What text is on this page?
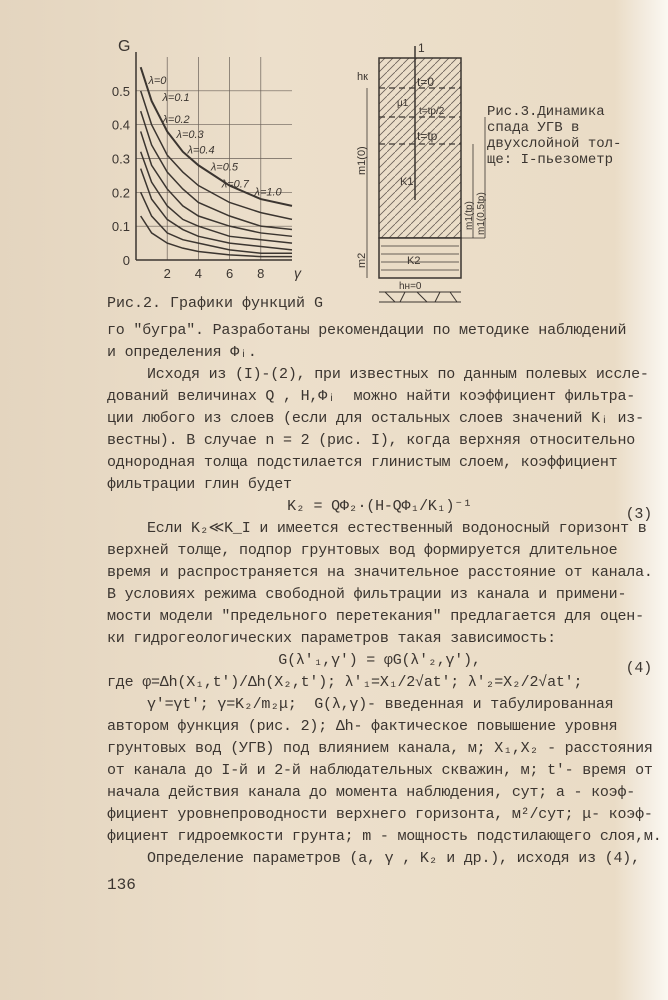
λ=0
λ=0.1
λ=0.2
λ=0.3
λ=0.4
λ=0.5
λ=0.7
λ=1.0
0
0.1
0.2
0.3
0.4
0.5
2 4 6 8
G
γ
Рис.2. Графики функций G
1
hк	t=0
μ1
t=tр/2
t=tр
m1(0)
K1
m1(tр) m1(0.5tр)
m2	K2
hн=0
Рис.3.Динамика
спада УГВ в
двухслойной тол-
ще: I-пьезометр
го "бугра". Разработаны рекомендации по методике наблюдений
и определения Φᵢ.
Исходя из (I)-(2), при известных по данным полевых иссле-
дований величинах Q , H,Φᵢ  можно найти коэффициент фильтра-
ции любого из слоев (если для остальных слоев значений Kᵢ из-
вестны). В случае n = 2 (рис. I), когда верхняя относительно
однородная толща подстилается глинистым слоем, коэффициент
фильтрации глин будет
K₂ = QΦ₂·(H-QΦ₁/K₁)⁻¹	(3)
Если K₂≪K_I и имеется естественный водоносный горизонт в
верхней толще, подпор грунтовых вод формируется длительное
время и распространяется на значительное расстояние от канала.
В условиях режима свободной фильтрации из канала и примени-
мости модели "предельного перетекания" предлагается для оцен-
ки гидрогеологических параметров такая зависимость:
G(λ'₁,γ') = φG(λ'₂,γ'),	(4)
где φ=Δh(X₁,t')/Δh(X₂,t'); λ'₁=X₁/2√at'; λ'₂=X₂/2√at';
γ'=γt'; γ=K₂/m₂μ;  G(λ,γ)- введенная и табулированная
автором функция (рис. 2); Δh- фактическое повышение уровня
грунтовых вод (УГВ) под влиянием канала, м; X₁,X₂ - расстояния
от канала до I-й и 2-й наблюдательных скважин, м; t'- время от
начала действия канала до момента наблюдения, сут; a - коэф-
фициент уровнепроводности верхнего горизонта, м²/сут; μ- коэф-
фициент гидроемкости грунта; m - мощность подстилающего слоя,м.
Определение параметров (a, γ , K₂ и др.), исходя из (4),
136
